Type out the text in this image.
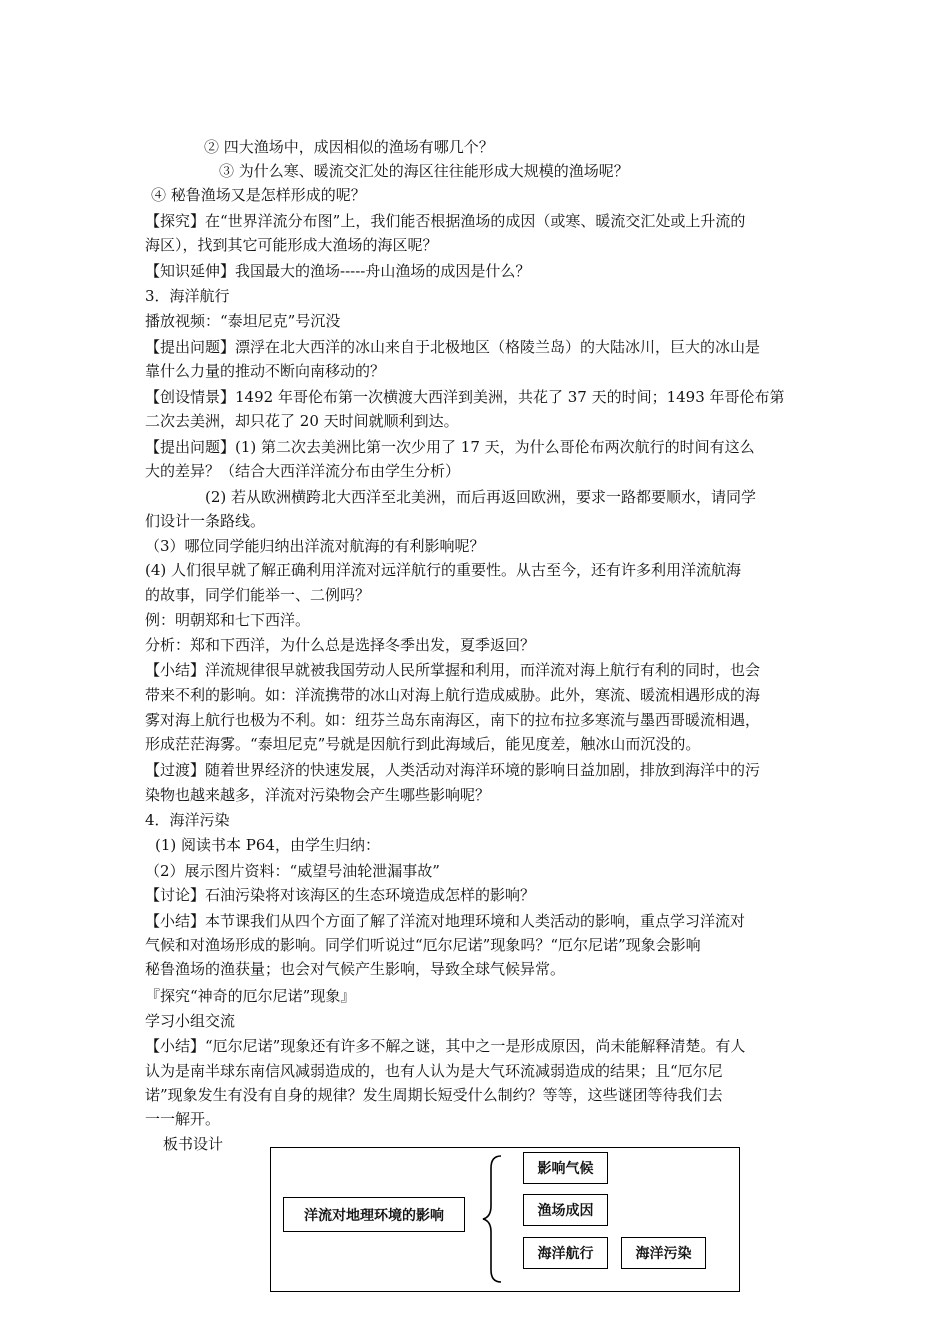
② 四大渔场中，成因相似的渔场有哪几个？
③ 为什么寒、暖流交汇处的海区往往能形成大规模的渔场呢？
④ 秘鲁渔场又是怎样形成的呢？
【探究】在“世界洋流分布图”上，我们能否根据渔场的成因（或寒、暖流交汇处或上升流的
海区），找到其它可能形成大渔场的海区呢？
【知识延伸】我国最大的渔场-----舟山渔场的成因是什么？
3．海洋航行
播放视频：“泰坦尼克”号沉没
【提出问题】漂浮在北大西洋的冰山来自于北极地区（格陵兰岛）的大陆冰川，巨大的冰山是
靠什么力量的推动不断向南移动的？
【创设情景】1492 年哥伦布第一次横渡大西洋到美洲，共花了 37 天的时间；1493 年哥伦布第
二次去美洲，却只花了 20 天时间就顺利到达。
【提出问题】(1) 第二次去美洲比第一次少用了 17 天，为什么哥伦布两次航行的时间有这么
大的差异？（结合大西洋洋流分布由学生分析）
(2) 若从欧洲横跨北大西洋至北美洲，而后再返回欧洲，要求一路都要顺水，请同学
们设计一条路线。
（3）哪位同学能归纳出洋流对航海的有利影响呢？
(4) 人们很早就了解正确利用洋流对远洋航行的重要性。从古至今，还有许多利用洋流航海
的故事，同学们能举一、二例吗？
例：明朝郑和七下西洋。
分析：郑和下西洋，为什么总是选择冬季出发，夏季返回？
【小结】洋流规律很早就被我国劳动人民所掌握和利用，而洋流对海上航行有利的同时，也会
带来不利的影响。如：洋流携带的冰山对海上航行造成威胁。此外，寒流、暖流相遇形成的海
雾对海上航行也极为不利。如：纽芬兰岛东南海区，南下的拉布拉多寒流与墨西哥暖流相遇，
形成茫茫海雾。“泰坦尼克”号就是因航行到此海域后，能见度差，触冰山而沉没的。
【过渡】随着世界经济的快速发展，人类活动对海洋环境的影响日益加剧，排放到海洋中的污
染物也越来越多，洋流对污染物会产生哪些影响呢？
4．海洋污染
(1) 阅读书本 P64，由学生归纳：
（2）展示图片资料：“威望号油轮泄漏事故”
【讨论】石油污染将对该海区的生态环境造成怎样的影响？
【小结】本节课我们从四个方面了解了洋流对地理环境和人类活动的影响，重点学习洋流对
气候和对渔场形成的影响。同学们听说过“厄尔尼诺”现象吗？“厄尔尼诺”现象会影响
秘鲁渔场的渔获量；也会对气候产生影响，导致全球气候异常。
『探究“神奇的厄尔尼诺”现象』
学习小组交流
【小结】“厄尔尼诺”现象还有许多不解之谜，其中之一是形成原因，尚未能解释清楚。有人
认为是南半球东南信风减弱造成的，也有人认为是大气环流减弱造成的结果；且“厄尔尼
诺”现象发生有没有自身的规律？发生周期长短受什么制约？等等，这些谜团等待我们去
一一解开。
板书设计
洋流对地理环境的影响
影响气候
渔场成因
海洋航行	海洋污染
